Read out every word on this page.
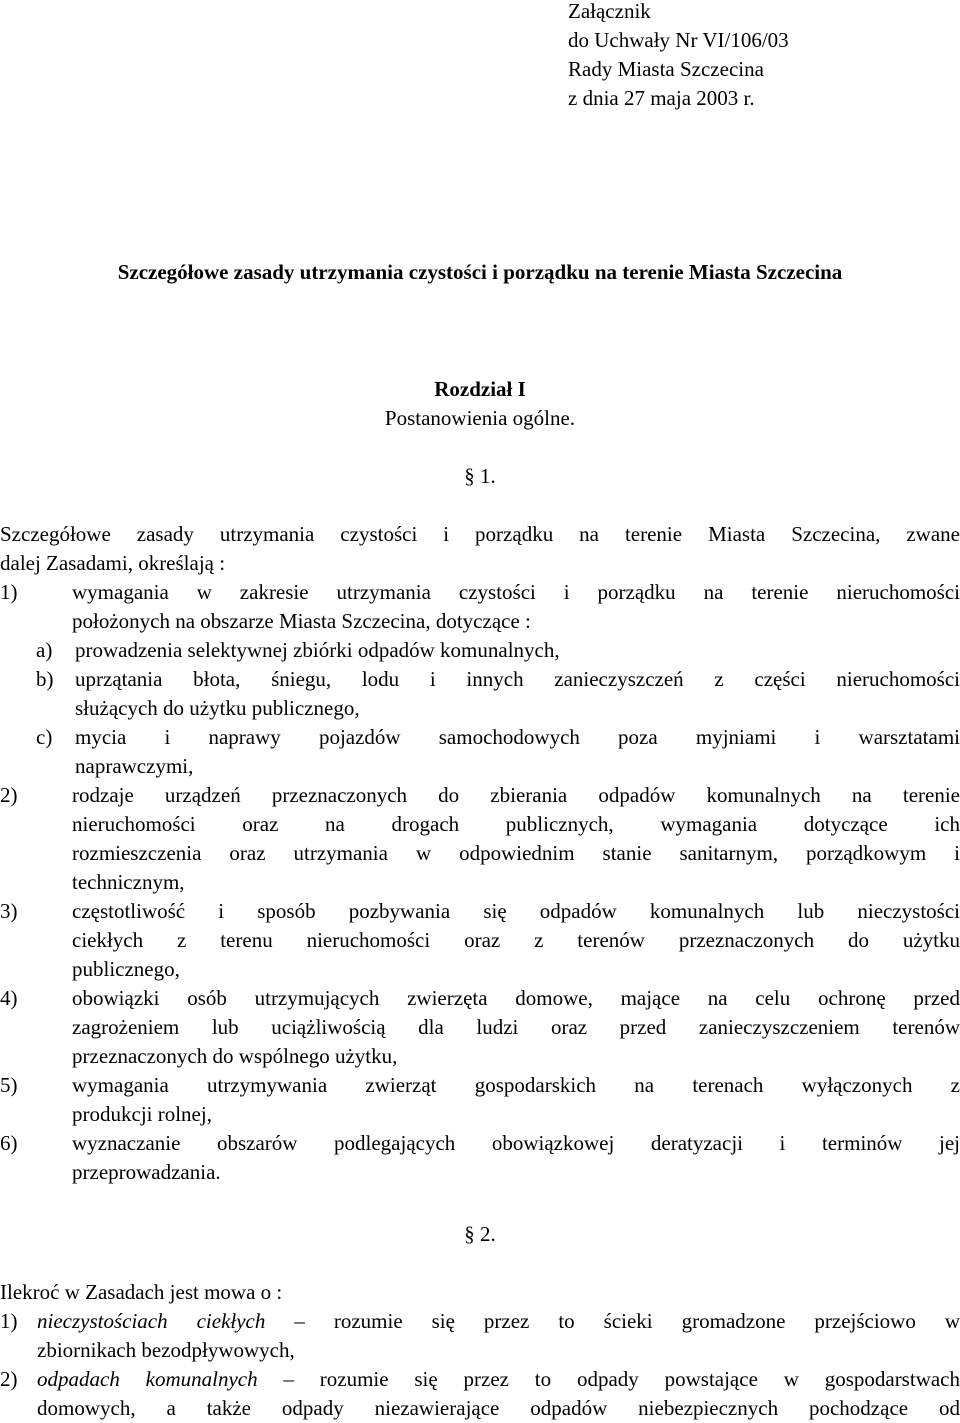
Załącznik
do Uchwały Nr VI/106/03
Rady Miasta Szczecina
z dnia 27 maja 2003 r.
Szczegółowe zasady utrzymania czystości i porządku na terenie Miasta Szczecina
Rozdział I
Postanowienia ogólne.
§ 1.
Szczegółowe zasady utrzymania czystości i porządku na terenie Miasta Szczecina, zwane
dalej Zasadami, określają :
1)	wymagania w zakresie utrzymania czystości i porządku na terenie nieruchomości
położonych na obszarze Miasta Szczecina, dotyczące :
a)	prowadzenia selektywnej zbiórki odpadów komunalnych,
b)	uprzątania błota, śniegu, lodu i innych zanieczyszczeń z części nieruchomości
służących do użytku publicznego,
c)	mycia i naprawy pojazdów samochodowych poza myjniami i warsztatami
naprawczymi,
2)	rodzaje urządzeń przeznaczonych do zbierania odpadów komunalnych na terenie
nieruchomości oraz na drogach publicznych, wymagania dotyczące ich
rozmieszczenia oraz utrzymania w odpowiednim stanie sanitarnym, porządkowym i
technicznym,
3)	częstotliwość i sposób pozbywania się odpadów komunalnych lub nieczystości
ciekłych z terenu nieruchomości oraz z terenów przeznaczonych do użytku
publicznego,
4)	obowiązki osób utrzymujących zwierzęta domowe, mające na celu ochronę przed
zagrożeniem lub uciążliwością dla ludzi oraz przed zanieczyszczeniem terenów
przeznaczonych do wspólnego użytku,
5)	wymagania utrzymywania zwierząt gospodarskich na terenach wyłączonych z
produkcji rolnej,
6)	wyznaczanie obszarów podlegających obowiązkowej deratyzacji i terminów jej
przeprowadzania.
§ 2.
Ilekroć w Zasadach jest mowa o :
1) nieczystościach ciekłych – rozumie się przez to ścieki gromadzone przejściowo w
zbiornikach bezodpływowych,
2) odpadach komunalnych – rozumie się przez to odpady powstające w gospodarstwach
domowych, a także odpady niezawierające odpadów niebezpiecznych pochodzące od
